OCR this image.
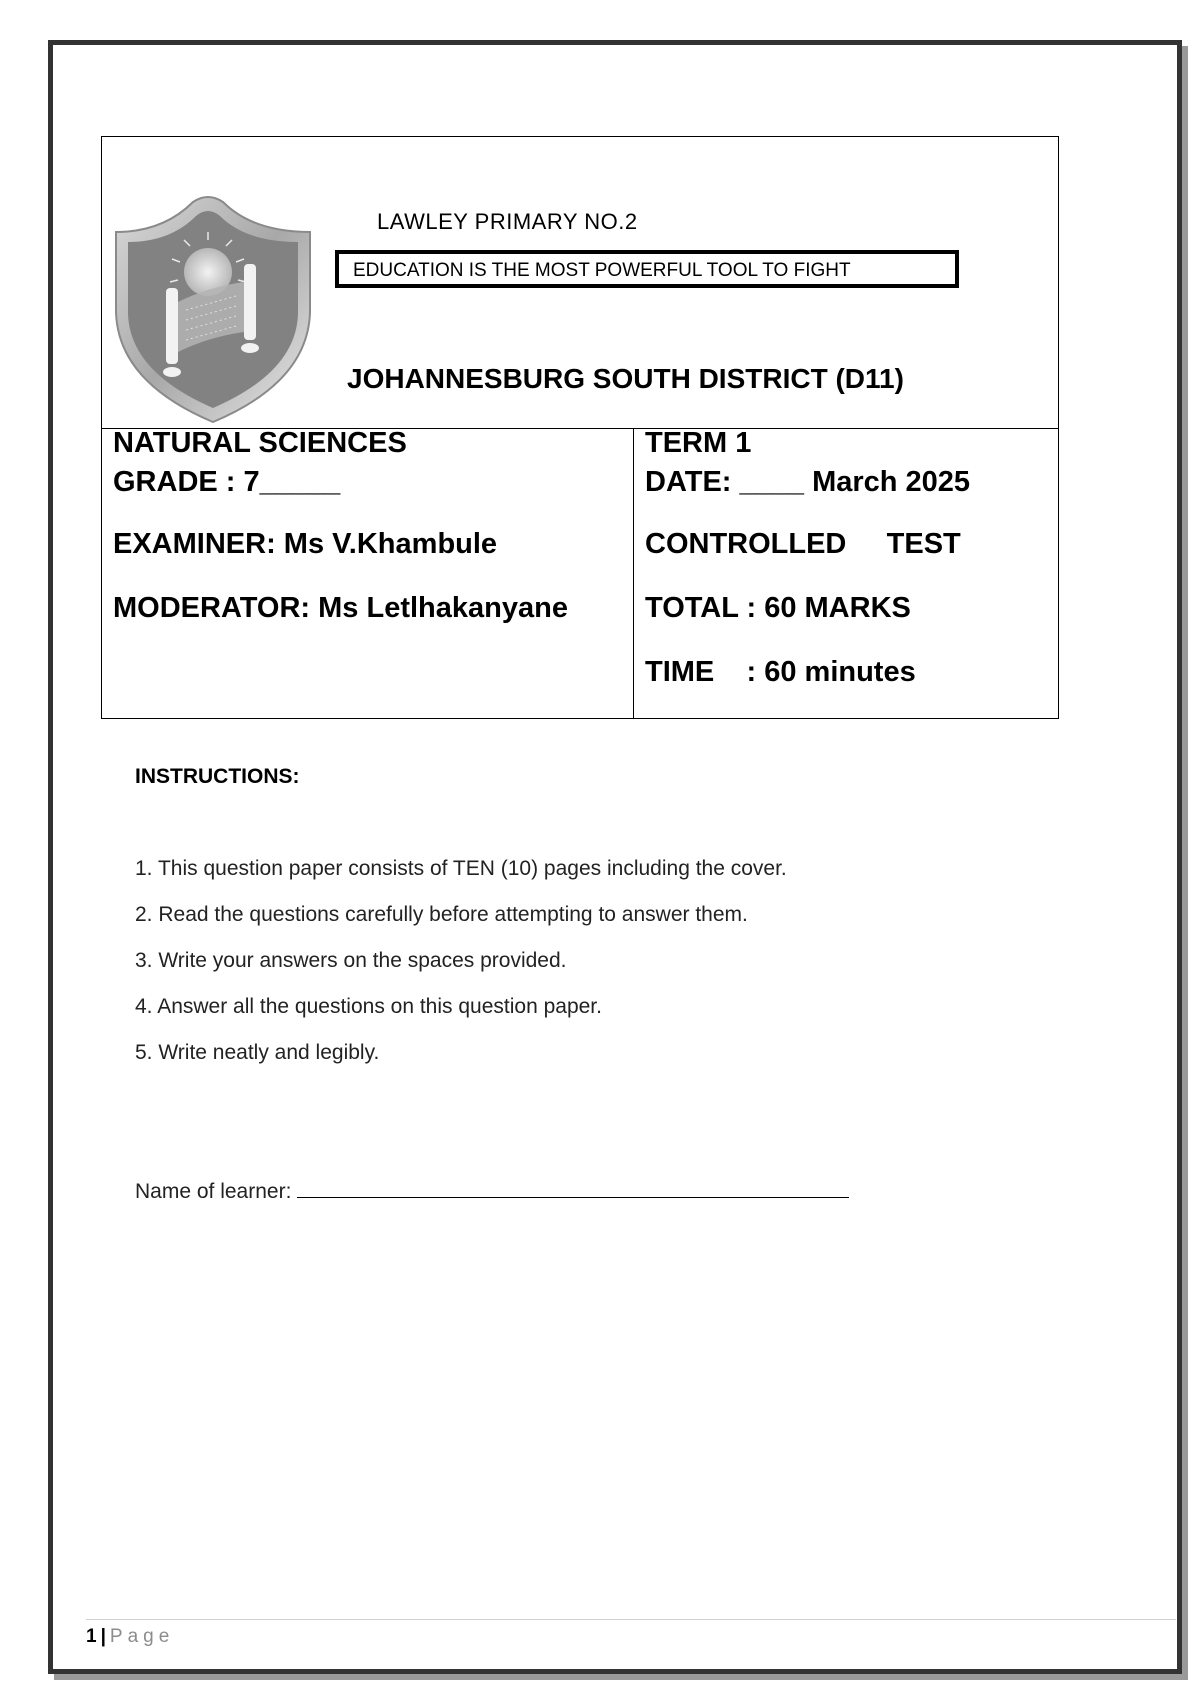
LAWLEY PRIMARY NO.2
EDUCATION IS THE MOST POWERFUL TOOL TO FIGHT
JOHANNESBURG SOUTH DISTRICT (D11)
NATURAL SCIENCES
GRADE : 7_____
EXAMINER: Ms V.Khambule
MODERATOR: Ms Letlhakanyane
TERM 1
DATE: ____ March 2025
CONTROLLED     TEST
TOTAL : 60 MARKS
TIME    : 60 minutes
INSTRUCTIONS:
1. This question paper consists of TEN (10) pages including the cover.
2. Read the questions carefully before attempting to answer them.
3. Write your answers on the spaces provided.
4. Answer all the questions on this question paper.
5. Write neatly and legibly.
Name of learner:
1 | Page
